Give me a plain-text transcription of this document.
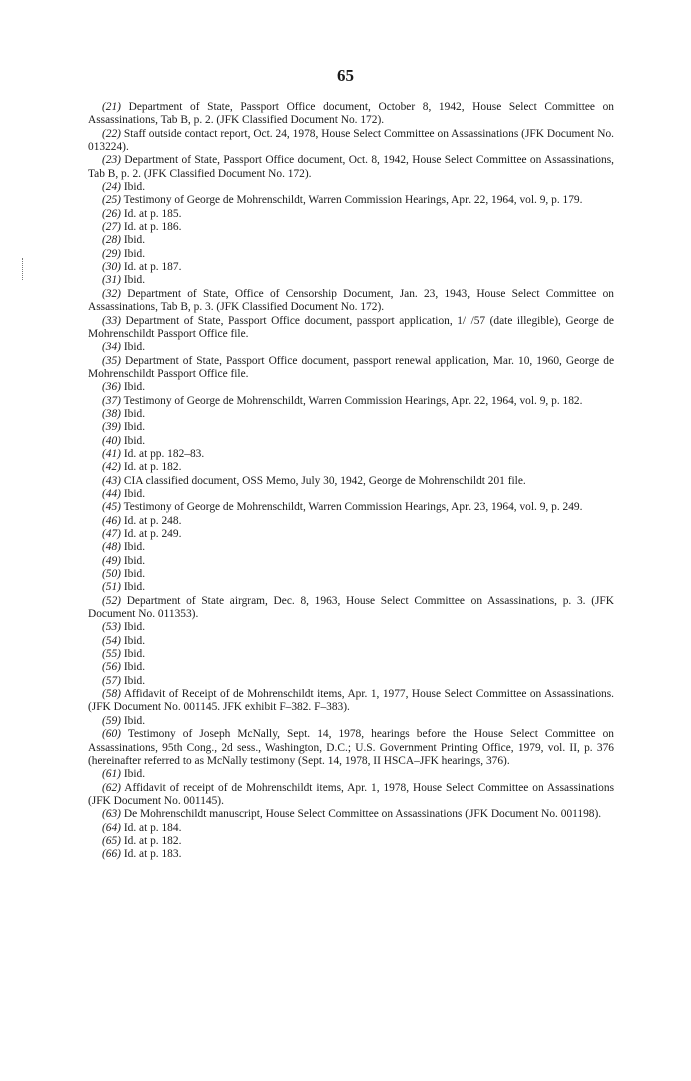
65
(21) Department of State, Passport Office document, October 8, 1942, House Select Committee on Assassinations, Tab B, p. 2. (JFK Classified Document No. 172).
(22) Staff outside contact report, Oct. 24, 1978, House Select Committee on Assassinations (JFK Document No. 013224).
(23) Department of State, Passport Office document, Oct. 8, 1942, House Select Committee on Assassinations, Tab B, p. 2. (JFK Classified Document No. 172).
(24) Ibid.
(25) Testimony of George de Mohrenschildt, Warren Commission Hearings, Apr. 22, 1964, vol. 9, p. 179.
(26) Id. at p. 185.
(27) Id. at p. 186.
(28) Ibid.
(29) Ibid.
(30) Id. at p. 187.
(31) Ibid.
(32) Department of State, Office of Censorship Document, Jan. 23, 1943, House Select Committee on Assassinations, Tab B, p. 3. (JFK Classified Document No. 172).
(33) Department of State, Passport Office document, passport application, 1/ /57 (date illegible), George de Mohrenschildt Passport Office file.
(34) Ibid.
(35) Department of State, Passport Office document, passport renewal application, Mar. 10, 1960, George de Mohrenschildt Passport Office file.
(36) Ibid.
(37) Testimony of George de Mohrenschildt, Warren Commission Hearings, Apr. 22, 1964, vol. 9, p. 182.
(38) Ibid.
(39) Ibid.
(40) Ibid.
(41) Id. at pp. 182–83.
(42) Id. at p. 182.
(43) CIA classified document, OSS Memo, July 30, 1942, George de Mohrenschildt 201 file.
(44) Ibid.
(45) Testimony of George de Mohrenschildt, Warren Commission Hearings, Apr. 23, 1964, vol. 9, p. 249.
(46) Id. at p. 248.
(47) Id. at p. 249.
(48) Ibid.
(49) Ibid.
(50) Ibid.
(51) Ibid.
(52) Department of State airgram, Dec. 8, 1963, House Select Committee on Assassinations, p. 3. (JFK Document No. 011353).
(53) Ibid.
(54) Ibid.
(55) Ibid.
(56) Ibid.
(57) Ibid.
(58) Affidavit of Receipt of de Mohrenschildt items, Apr. 1, 1977, House Select Committee on Assassinations. (JFK Document No. 001145. JFK exhibit F–382. F–383).
(59) Ibid.
(60) Testimony of Joseph McNally, Sept. 14, 1978, hearings before the House Select Committee on Assassinations, 95th Cong., 2d sess., Washington, D.C.; U.S. Government Printing Office, 1979, vol. II, p. 376 (hereinafter referred to as McNally testimony (Sept. 14, 1978, II HSCA–JFK hearings, 376).
(61) Ibid.
(62) Affidavit of receipt of de Mohrenschildt items, Apr. 1, 1978, House Select Committee on Assassinations (JFK Document No. 001145).
(63) De Mohrenschildt manuscript, House Select Committee on Assassinations (JFK Document No. 001198).
(64) Id. at p. 184.
(65) Id. at p. 182.
(66) Id. at p. 183.
